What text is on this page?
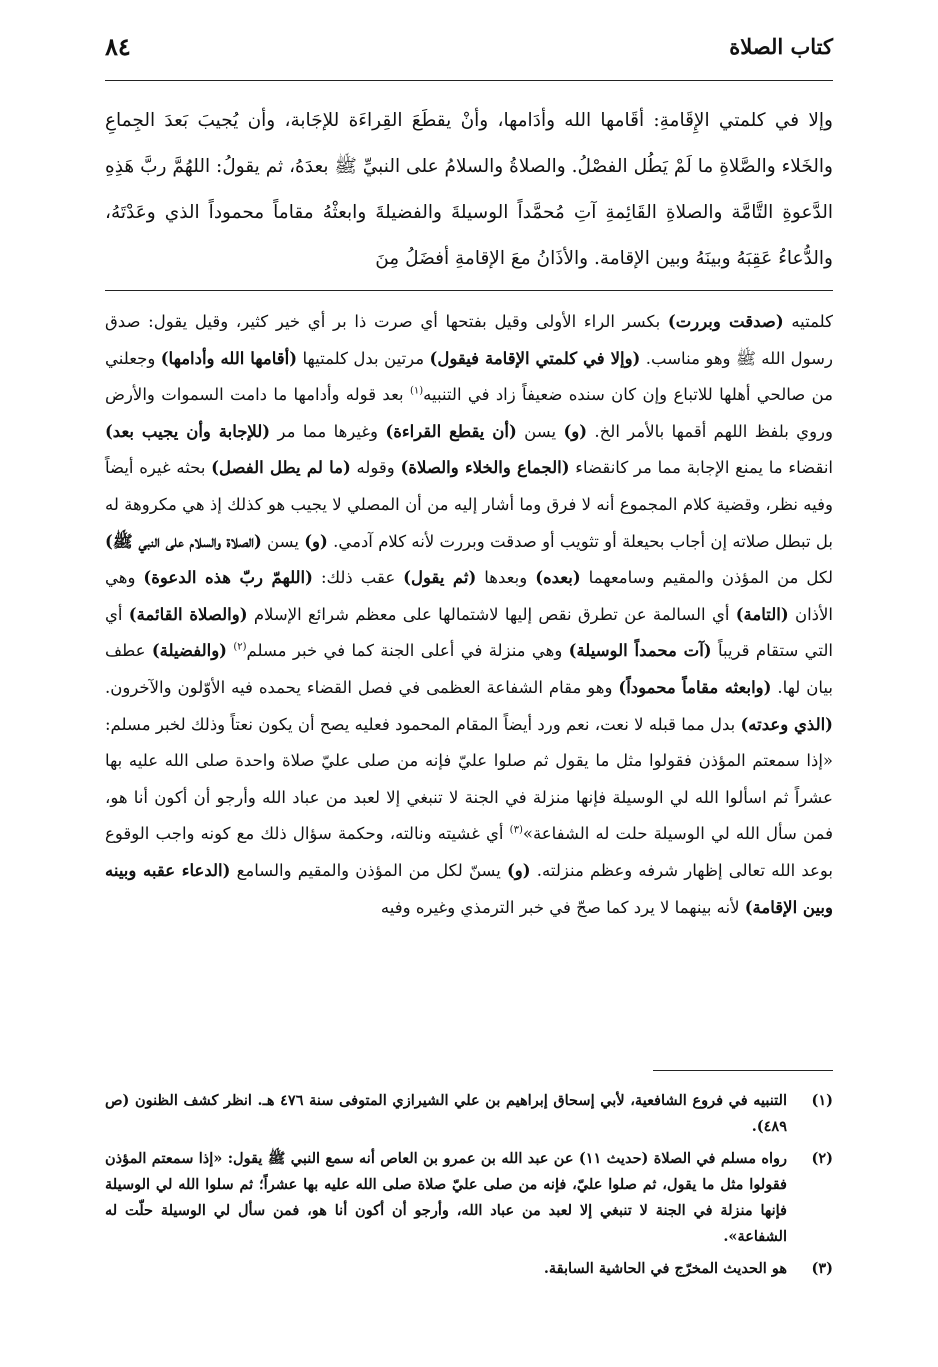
كتاب الصلاة
٨٤
وإلا في كلمتي الإِقَامةِ: أقَامها الله وأدَامها، وأنْ يقطَعَ القِراءَة للإجَابة، وأن يُجيبَ بَعدَ الجِماعِ والخَلاء والصَّلاةِ ما لَمْ يَطُل الفصْلُ. والصلاةُ والسلامُ على النبيِّ ﷺ بعدَهُ، ثم يقولُ: اللهُمَّ ربَّ هَذِهِ الدَّعوةِ التَّامَّة والصلاةِ القَائِمةِ آتِ مُحمَّداً الوسيلةَ والفضيلةَ وابعثْهُ مقاماً محموداً الذي وعَدْتَهُ، والدُّعاءُ عَقِبَهُ وبينَهُ وبين الإقامة. والأذَانُ معَ الإقامةِ أفضَلُ مِنَ
كلمتيه (صدقت وبررت) بكسر الراء الأولى وقيل بفتحها أي صرت ذا بر أي خير كثير، وقيل يقول: صدق رسول الله ﷺ وهو مناسب. (وإلا في كلمتي الإقامة فيقول) مرتين بدل كلمتيها (أقامها الله وأدامها) وجعلني من صالحي أهلها للاتباع وإن كان سنده ضعيفاً زاد في التنبيه$^{(١)}$ بعد قوله وأدامها ما دامت السموات والأرض وروي بلفظ اللهم أقمها بالأمر الخ. (و) يسن (أن يقطع القراءة) وغيرها مما مر (للإجابة وأن يجيب بعد) انقضاء ما يمنع الإجابة مما مر كانقضاء (الجماع والخلاء والصلاة) وقوله (ما لم يطل الفصل) بحثه غيره أيضاً وفيه نظر، وقضية كلام المجموع أنه لا فرق وما أشار إليه من أن المصلي لا يجيب هو كذلك إذ هي مكروهة له بل تبطل صلاته إن أجاب بحيعلة أو تثويب أو صدقت وبررت لأنه كلام آدمي. (و) يسن (الصلاة والسلام على النبي ﷺ) لكل من المؤذن والمقيم وسامعهما (بعده) وبعدها (ثم يقول) عقب ذلك: (اللهمّ ربّ هذه الدعوة) وهي الأذان (التامة) أي السالمة عن تطرق نقص إليها لاشتمالها على معظم شرائع الإسلام (والصلاة القائمة) أي التي ستقام قريباً (آت محمداً الوسيلة) وهي منزلة في أعلى الجنة كما في خبر مسلم$^{(٢)}$ (والفضيلة) عطف بيان لها. (وابعثه مقاماً محموداً) وهو مقام الشفاعة العظمى في فصل القضاء يحمده فيه الأوّلون والآخرون. (الذي وعدته) بدل مما قبله لا نعت، نعم ورد أيضاً المقام المحمود فعليه يصح أن يكون نعتاً وذلك لخبر مسلم: «إذا سمعتم المؤذن فقولوا مثل ما يقول ثم صلوا عليّ فإنه من صلى عليّ صلاة واحدة صلى الله عليه بها عشراً ثم اسألوا الله لي الوسيلة فإنها منزلة في الجنة لا تنبغي إلا لعبد من عباد الله وأرجو أن أكون أنا هو، فمن سأل الله لي الوسيلة حلت له الشفاعة»$^{(٣)}$ أي غشيته ونالته، وحكمة سؤال ذلك مع كونه واجب الوقوع بوعد الله تعالى إظهار شرفه وعظم منزلته. (و) يسنّ لكل من المؤذن والمقيم والسامع (الدعاء عقبه وبينه وبين الإقامة) لأنه بينهما لا يرد كما صحّ في خبر الترمذي وغيره وفيه
(١)
التنبيه في فروع الشافعية، لأبي إسحاق إبراهيم بن علي الشيرازي المتوفى سنة ٤٧٦ هـ. انظر كشف الظنون (ص ٤٨٩).
(٢)
رواه مسلم في الصلاة (حديث ١١) عن عبد الله بن عمرو بن العاص أنه سمع النبي ﷺ يقول: «إذا سمعتم المؤذن فقولوا مثل ما يقول، ثم صلوا عليّ، فإنه من صلى عليّ صلاة صلى الله عليه بها عشراً؛ ثم سلوا الله لي الوسيلة فإنها منزلة في الجنة لا تنبغي إلا لعبد من عباد الله، وأرجو أن أكون أنا هو، فمن سأل لي الوسيلة حلّت له الشفاعة».
(٣)
هو الحديث المخرّج في الحاشية السابقة.
